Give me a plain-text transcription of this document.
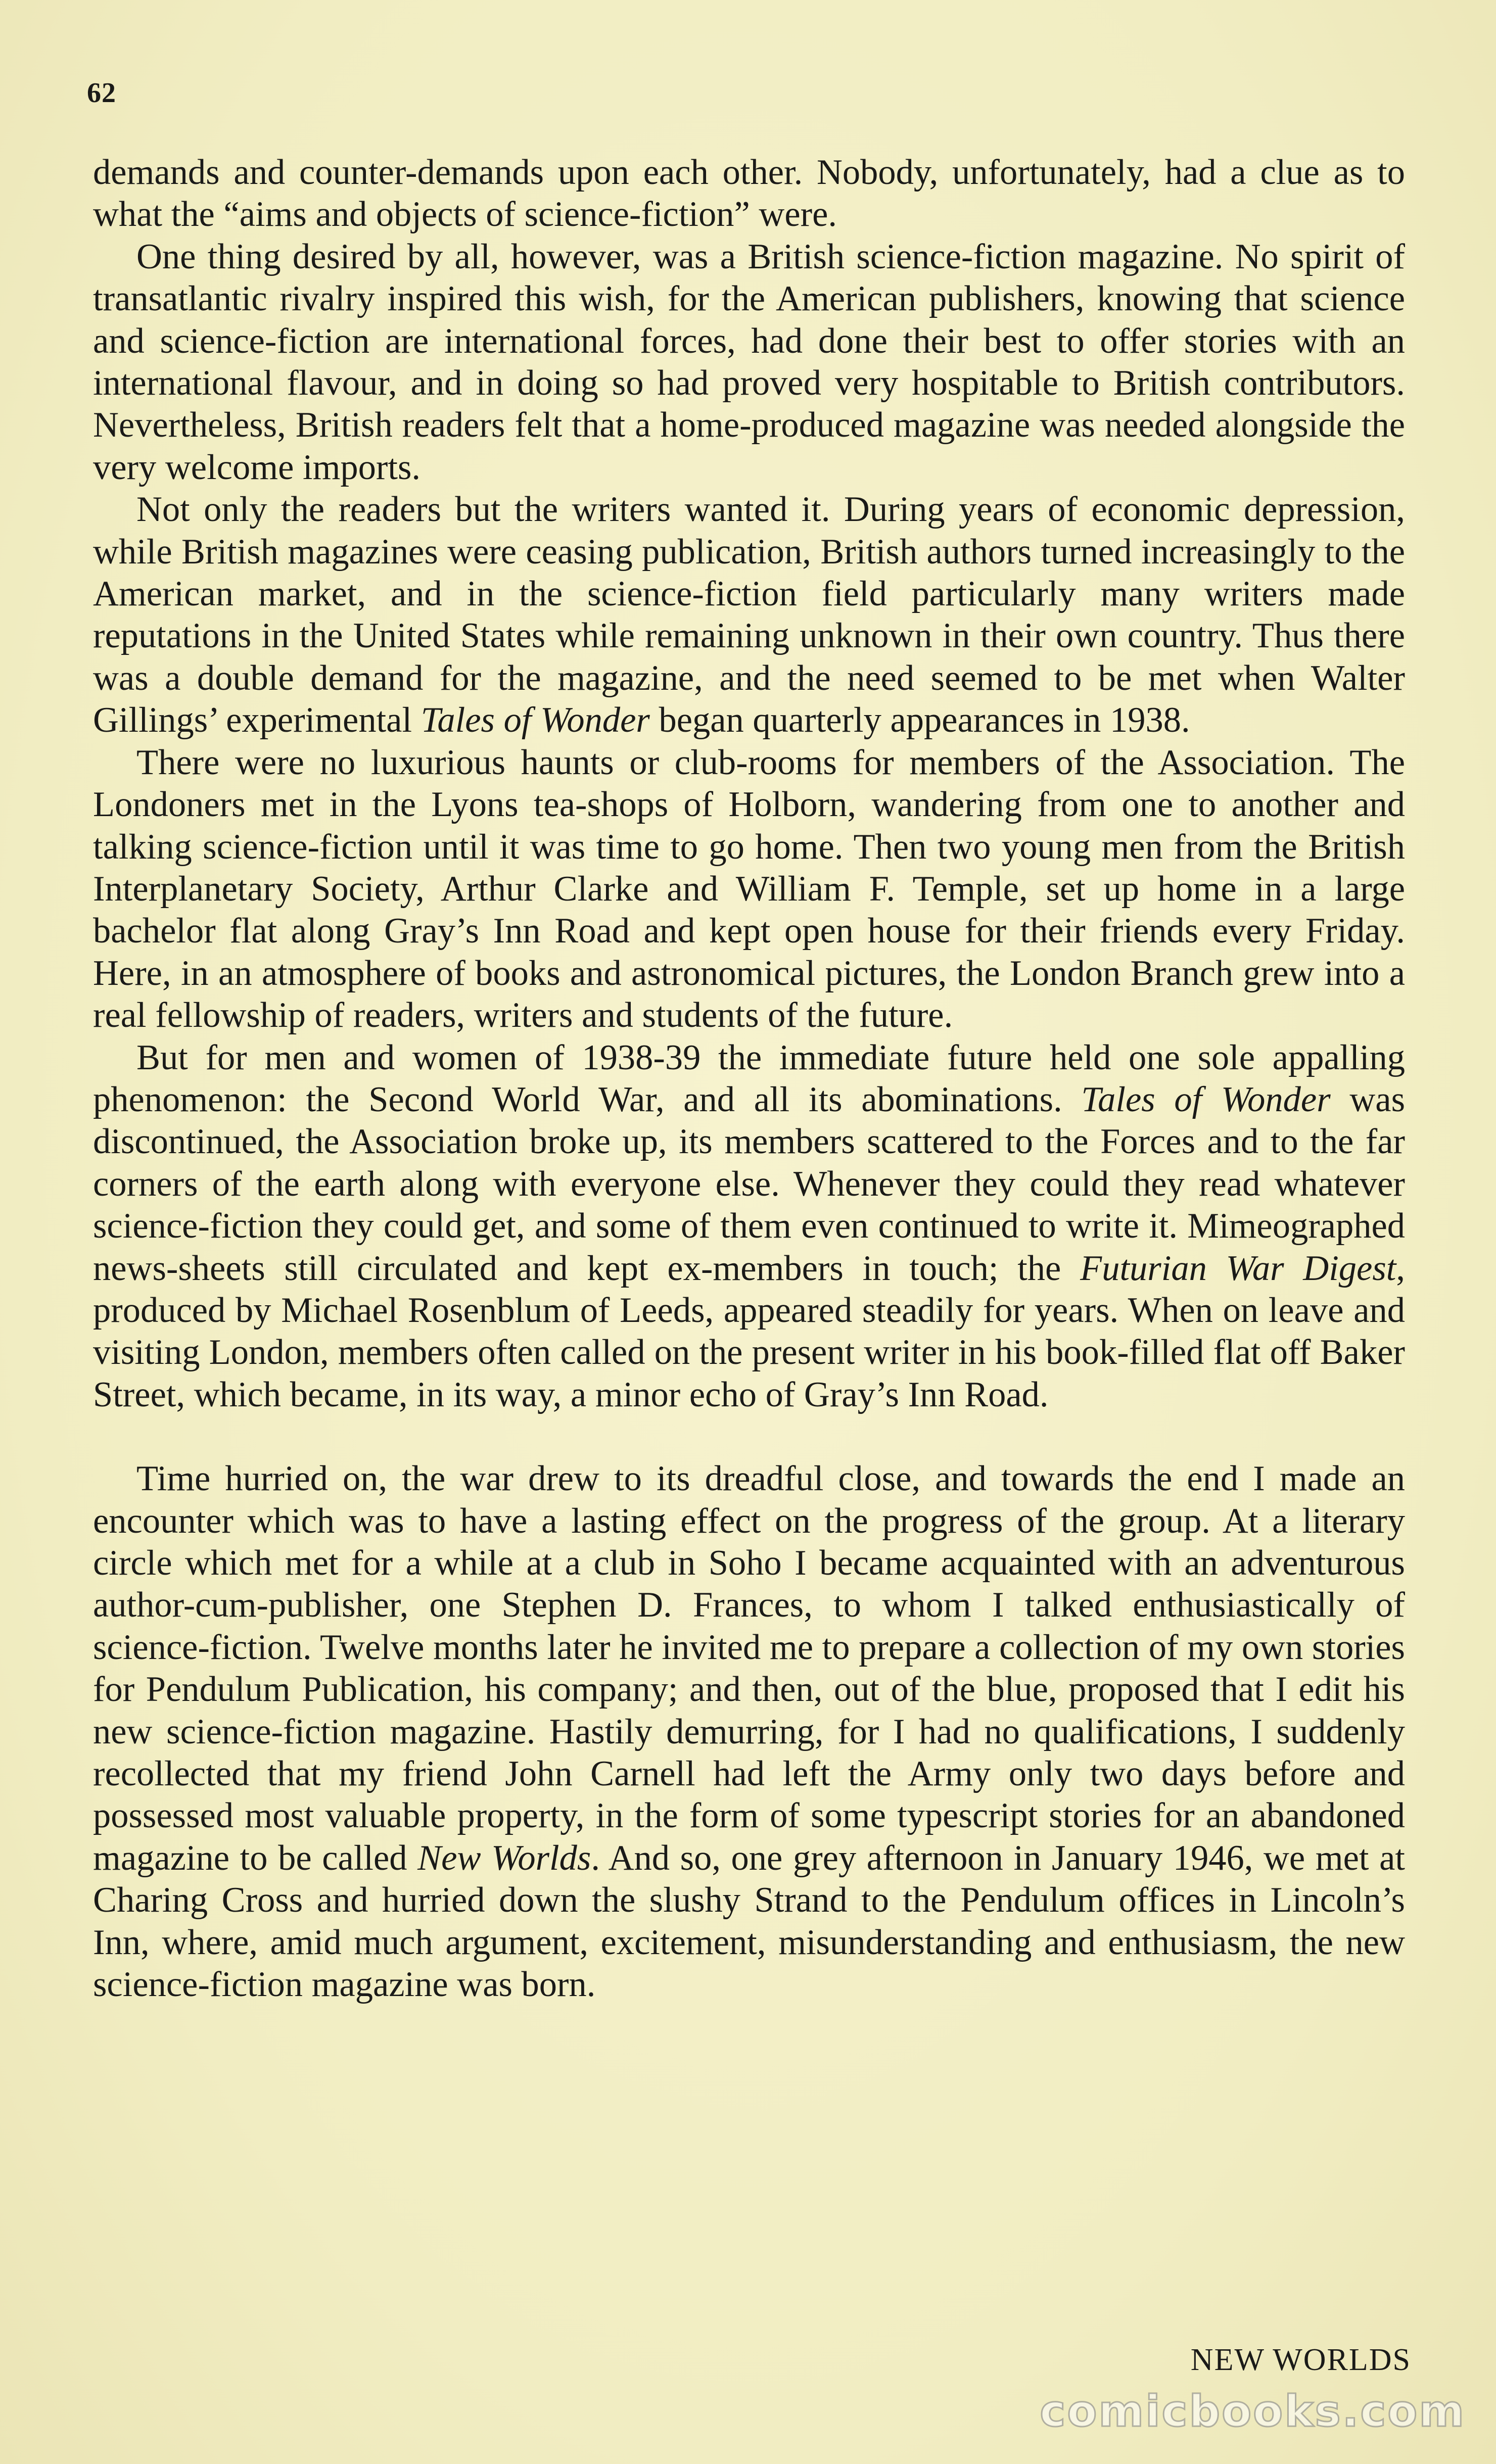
62

demands and counter-demands upon each other. Nobody, unfortunately, had a clue as to what the “aims and objects of science-fiction” were.

One thing desired by all, however, was a British science-fiction magazine. No spirit of transatlantic rivalry inspired this wish, for the American publishers, knowing that science and science-fiction are international forces, had done their best to offer stories with an international flavour, and in doing so had proved very hospitable to British contributors. Nevertheless, British readers felt that a home-produced magazine was needed alongside the very welcome imports.

Not only the readers but the writers wanted it. During years of economic depression, while British magazines were ceasing publication, British authors turned increasingly to the American market, and in the science-fiction field particularly many writers made reputations in the United States while remaining unknown in their own country. Thus there was a double demand for the magazine, and the need seemed to be met when Walter Gillings’ experimental Tales of Wonder began quarterly appearances in 1938.

There were no luxurious haunts or club-rooms for members of the Association. The Londoners met in the Lyons tea-shops of Holborn, wandering from one to another and talking science-fiction until it was time to go home. Then two young men from the British Interplanetary Society, Arthur Clarke and William F. Temple, set up home in a large bachelor flat along Gray’s Inn Road and kept open house for their friends every Friday. Here, in an atmosphere of books and astronomical pictures, the London Branch grew into a real fellowship of readers, writers and students of the future.

But for men and women of 1938-39 the immediate future held one sole appalling phenomenon: the Second World War, and all its abominations. Tales of Wonder was discontinued, the Association broke up, its members scattered to the Forces and to the far corners of the earth along with everyone else. Whenever they could they read whatever science-fiction they could get, and some of them even continued to write it. Mimeographed news-sheets still circulated and kept ex-members in touch; the Futurian War Digest, produced by Michael Rosenblum of Leeds, appeared steadily for years. When on leave and visiting London, members often called on the present writer in his book-filled flat off Baker Street, which became, in its way, a minor echo of Gray’s Inn Road.

Time hurried on, the war drew to its dreadful close, and towards the end I made an encounter which was to have a lasting effect on the progress of the group. At a literary circle which met for a while at a club in Soho I became acquainted with an adventurous author-cum-publisher, one Stephen D. Frances, to whom I talked enthusiastically of science-fiction. Twelve months later he invited me to prepare a collection of my own stories for Pendulum Publication, his company; and then, out of the blue, proposed that I edit his new science-fiction magazine. Hastily demurring, for I had no qualifications, I suddenly recollected that my friend John Carnell had left the Army only two days before and possessed most valuable property, in the form of some typescript stories for an abandoned magazine to be called New Worlds. And so, one grey afternoon in January 1946, we met at Charing Cross and hurried down the slushy Strand to the Pendulum offices in Lincoln’s Inn, where, amid much argument, excitement, misunderstanding and enthusiasm, the new science-fiction magazine was born.

NEW WORLDS
comicbooks.com
